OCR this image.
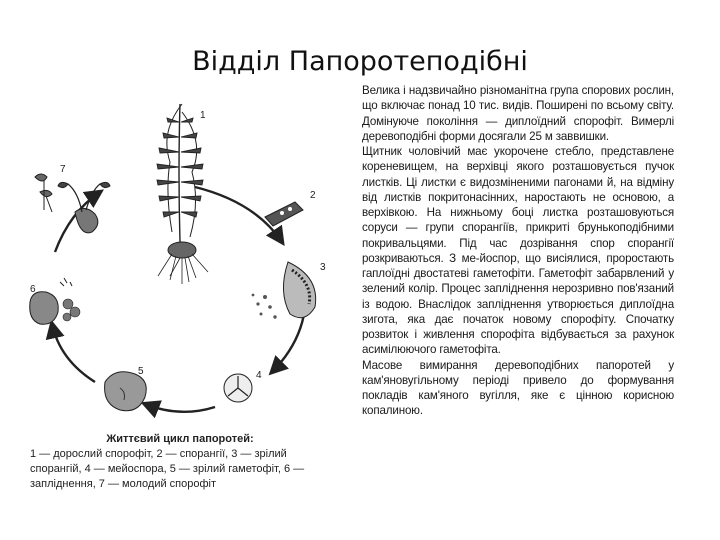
Відділ Папоротеподібні
1
2
3
4
5
6
7
Життєвий цикл папоротей:
1 — дорослий спорофіт, 2 — спорангії, 3 — зрілий спорангій, 4 — мейоспора, 5 — зрілий гаметофіт, 6 — запліднення, 7 — молодий спорофіт

Велика і надзвичайно різноманітна група спорових рослин, що включає понад 10 тис. видів. Поширені по всьому світу. Домінуюче покоління — диплоїдний спорофіт. Вимерлі деревоподібні форми досягали 25 м заввишки.

Щитник чоловічий має укорочене стебло, представлене кореневищем, на верхівці якого розташовується пучок листків. Ці листки є видозміненими пагонами й, на відміну від листків покритонасінних, наростають не основою, а верхівкою. На нижньому боці листка розташовуються соруси — групи спорангіїв, прикриті брунькоподібними покривальцями. Під час дозрівання спор спорангії розкриваються. З ме-йоспор, що висіялися, проростають гаплоїдні двостатеві гаметофіти. Гаметофіт забарвлений у зелений колір. Процес запліднення нерозривно пов'язаний із водою. Внаслідок запліднення утворюється диплоїдна зигота, яка дає початок новому спорофіту. Спочатку розвиток і живлення спорофіта відбувається за рахунок асимілюючого гаметофіта.

Масове вимирання деревоподібних папоротей у кам'яновугільному періоді привело до формування покладів кам'яного вугілля, яке є цінною корисною копалиною.
